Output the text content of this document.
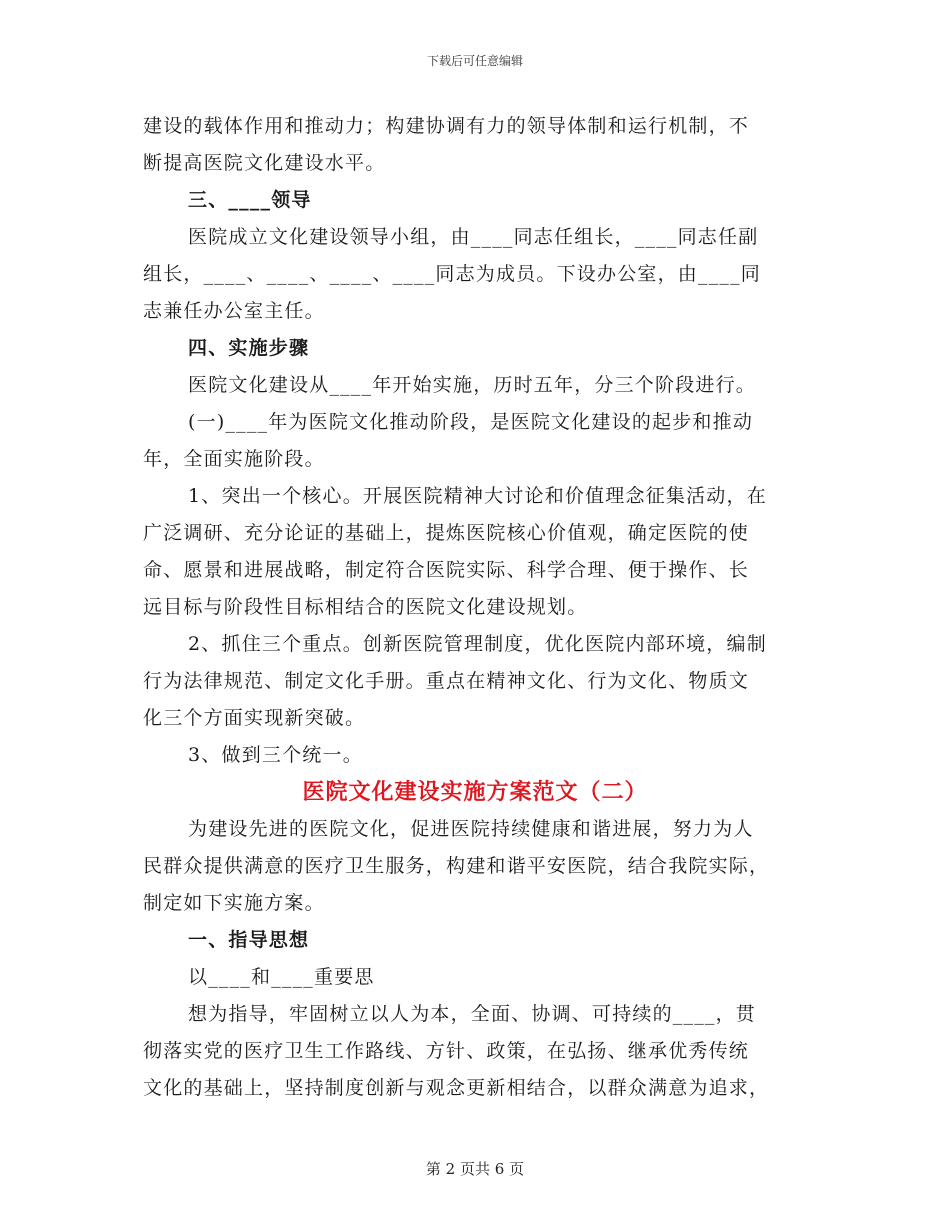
下载后可任意编辑
建设的载体作用和推动力；构建协调有力的领导体制和运行机制，不
断提高医院文化建设水平。
三、____领导
医院成立文化建设领导小组，由____同志任组长，____同志任副
组长，____、____、____、____同志为成员。下设办公室，由____同
志兼任办公室主任。
四、实施步骤
医院文化建设从____年开始实施，历时五年，分三个阶段进行。
(一)____年为医院文化推动阶段，是医院文化建设的起步和推动
年，全面实施阶段。
1、突出一个核心。开展医院精神大讨论和价值理念征集活动，在
广泛调研、充分论证的基础上，提炼医院核心价值观，确定医院的使
命、愿景和进展战略，制定符合医院实际、科学合理、便于操作、长
远目标与阶段性目标相结合的医院文化建设规划。
2、抓住三个重点。创新医院管理制度，优化医院内部环境，编制
行为法律规范、制定文化手册。重点在精神文化、行为文化、物质文
化三个方面实现新突破。
3、做到三个统一。
医院文化建设实施方案范文（二）
为建设先进的医院文化，促进医院持续健康和谐进展，努力为人
民群众提供满意的医疗卫生服务，构建和谐平安医院，结合我院实际，
制定如下实施方案。
一、指导思想
以____和____重要思
想为指导，牢固树立以人为本，全面、协调、可持续的____，贯
彻落实党的医疗卫生工作路线、方针、政策，在弘扬、继承优秀传统
文化的基础上，坚持制度创新与观念更新相结合，以群众满意为追求，
第 2 页共 6 页
